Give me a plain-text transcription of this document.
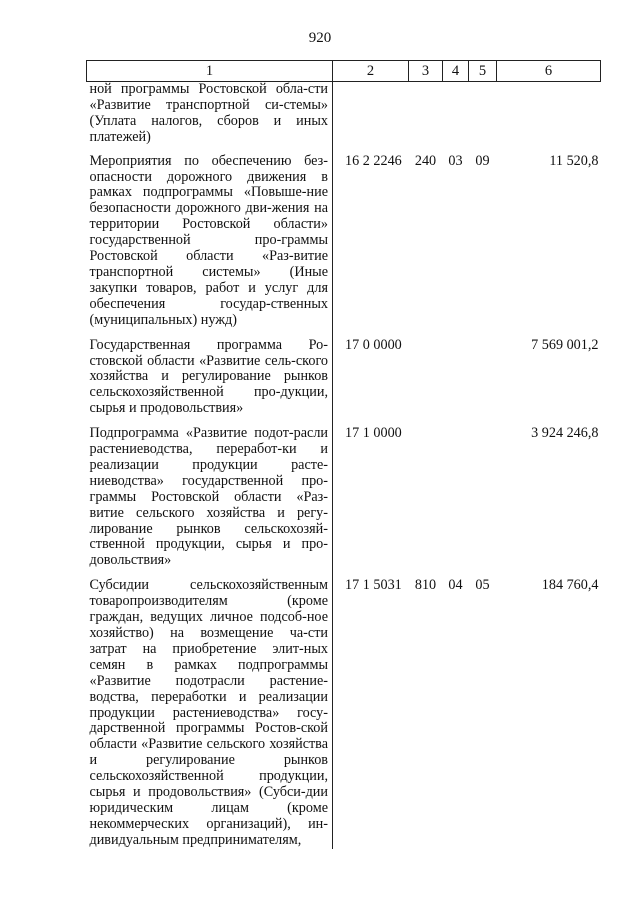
920
1	2	3	4	5	6
ной программы Ростовской обла-сти «Развитие транспортной си-стемы» (Уплата налогов, сборов и иных платежей)					
Мероприятия по обеспечению без-опасности дорожного движения в рамках подпрограммы «Повыше-ние безопасности дорожного дви-жения на территории Ростовской области» государственной про-граммы Ростовской области «Раз-витие транспортной системы» (Иные закупки товаров, работ и услуг для обеспечения государ-ственных (муниципальных) нужд)	16 2 2246	240	03	09	11 520,8
Государственная программа Ро-стовской области «Развитие сель-ского хозяйства и регулирование рынков сельскохозяйственной про-дукции, сырья и продовольствия»	17 0 0000				7 569 001,2
Подпрограмма «Развитие подот-расли растениеводства, переработ-ки и реализации продукции расте-ниеводства» государственной про-граммы Ростовской области «Раз-витие сельского хозяйства и регу-лирование рынков сельскохозяй-ственной продукции, сырья и про-довольствия»	17 1 0000				3 924 246,8
Субсидии сельскохозяйственным товаропроизводителям (кроме граждан, ведущих личное подсоб-ное хозяйство) на возмещение ча-сти затрат на приобретение элит-ных семян в рамках подпрограммы «Развитие подотрасли растение-водства, переработки и реализации продукции растениеводства» госу-дарственной программы Ростов-ской области «Развитие сельского хозяйства и регулирование рынков сельскохозяйственной продукции, сырья и продовольствия» (Субси-дии юридическим лицам (кроме некоммерческих организаций), ин-дивидуальным предпринимателям,	17 1 5031	810	04	05	184 760,4
